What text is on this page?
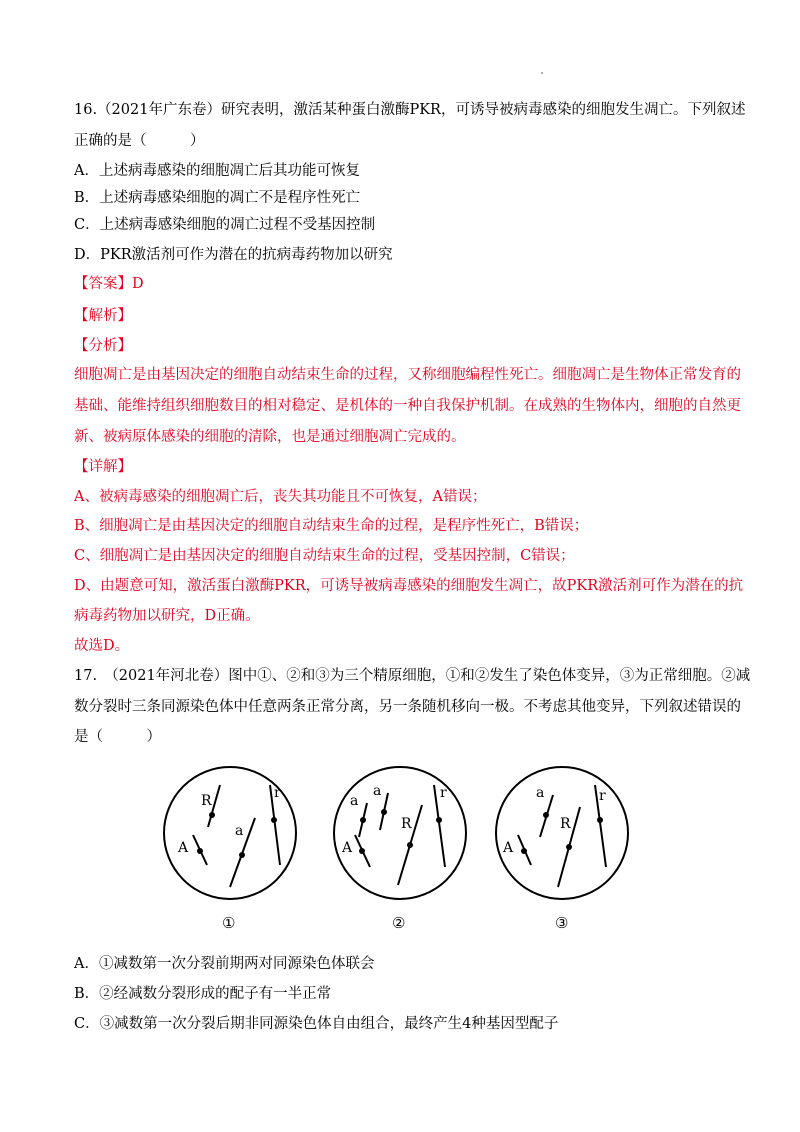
16.（2021年广东卷）研究表明，激活某种蛋白激酶PKR，可诱导被病毒感染的细胞发生凋亡。下列叙述
正确的是（　　　）
A．上述病毒感染的细胞凋亡后其功能可恢复
B．上述病毒感染细胞的凋亡不是程序性死亡
C．上述病毒感染细胞的凋亡过程不受基因控制
D．PKR激活剂可作为潜在的抗病毒药物加以研究
【答案】D
【解析】
【分析】
细胞凋亡是由基因决定的细胞自动结束生命的过程，又称细胞编程性死亡。细胞凋亡是生物体正常发育的
基础、能维持组织细胞数目的相对稳定、是机体的一种自我保护机制。在成熟的生物体内，细胞的自然更
新、被病原体感染的细胞的清除，也是通过细胞凋亡完成的。
【详解】
A、被病毒感染的细胞凋亡后，丧失其功能且不可恢复，A错误；
B、细胞凋亡是由基因决定的细胞自动结束生命的过程，是程序性死亡，B错误；
C、细胞凋亡是由基因决定的细胞自动结束生命的过程，受基因控制，C错误；
D、由题意可知，激活蛋白激酶PKR，可诱导被病毒感染的细胞发生凋亡，故PKR激活剂可作为潜在的抗
病毒药物加以研究，D正确。
故选D。
17.　（2021年河北卷）图中①、②和③为三个精原细胞，①和②发生了染色体变异，③为正常细胞。②减
数分裂时三条同源染色体中任意两条正常分离，另一条随机移向一极。不考虑其他变异，下列叙述错误的
是（　　　）
R	r
a
A
①
a
a	r
R
A
②
a	r
R
A
③
A．①减数第一次分裂前期两对同源染色体联会
B．②经减数分裂形成的配子有一半正常
C．③减数第一次分裂后期非同源染色体自由组合，最终产生4种基因型配子
